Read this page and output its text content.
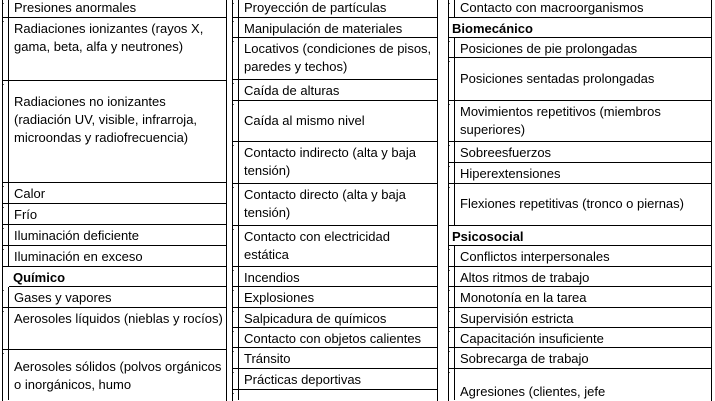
· Presiones anormales
· Radiaciones ionizantes (rayos X, gama, beta, alfa y neutrones)
·
Radiaciones no ionizantes (radiación UV, visible, infrarroja, microondas y radiofrecuencia)
· Calor
· Frío
· Iluminación deficiente
· Iluminación en exceso
Químico
· Gases y vapores
· Aerosoles líquidos (nieblas y rocíos)
·
Aerosoles sólidos (polvos orgánicos o inorgánicos, humo
· Proyección de partículas
· Manipulación de materiales
· Locativos (condiciones de pisos, paredes y techos)
· Caída de alturas
·
Caída al mismo nivel
· Contacto indirecto (alta y baja tensión)
· Contacto directo (alta y baja tensión)
· Contacto con electricidad estática
· Incendios
· Explosiones
· Salpicadura de químicos
· Contacto con objetos calientes
· Tránsito
· Prácticas deportivas
·
· Contacto con macroorganismos
Biomecánico
· Posiciones de pie prolongadas
·
Posiciones sentadas prolongadas
· Movimientos repetitivos (miembros superiores)
· Sobreesfuerzos
· Hiperextensiones
·
Flexiones repetitivas (tronco o piernas)
Psicosocial
· Conflictos interpersonales
· Altos ritmos de trabajo
· Monotonía en la tarea
· Supervisión estricta
· Capacitación insuficiente
· Sobrecarga de trabajo
·
Agresiones (clientes, jefe
